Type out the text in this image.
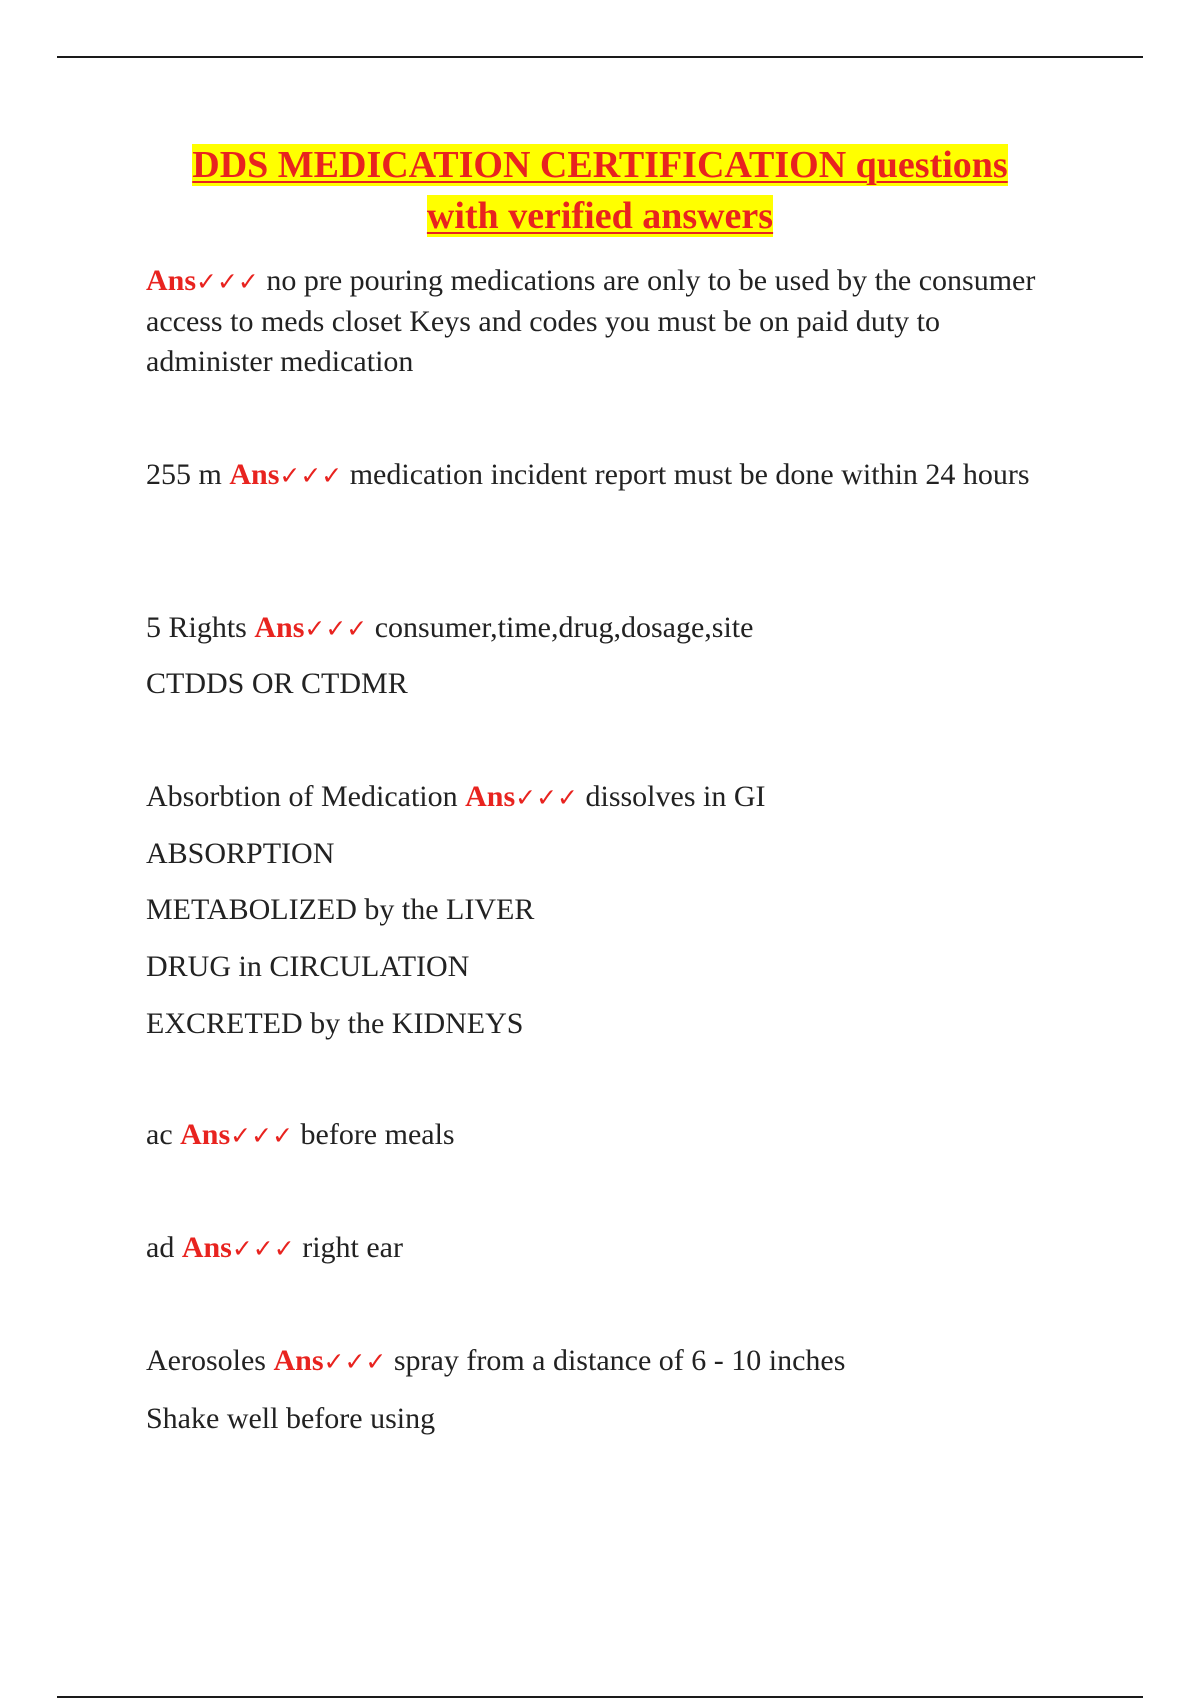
DDS MEDICATION CERTIFICATION questions
with verified answers

Ans✓✓✓ no pre pouring medications are only to be used by the consumer access to meds closet Keys and codes you must be on paid duty to administer medication

255 m Ans✓✓✓ medication incident report must be done within 24 hours

5 Rights Ans✓✓✓ consumer,time,drug,dosage,site

CTDDS OR CTDMR

Absorbtion of Medication Ans✓✓✓ dissolves in GI

ABSORPTION

METABOLIZED by the LIVER

DRUG in CIRCULATION

EXCRETED by the KIDNEYS

ac Ans✓✓✓ before meals

ad Ans✓✓✓ right ear

Aerosoles Ans✓✓✓ spray from a distance of 6 - 10 inches

Shake well before using
